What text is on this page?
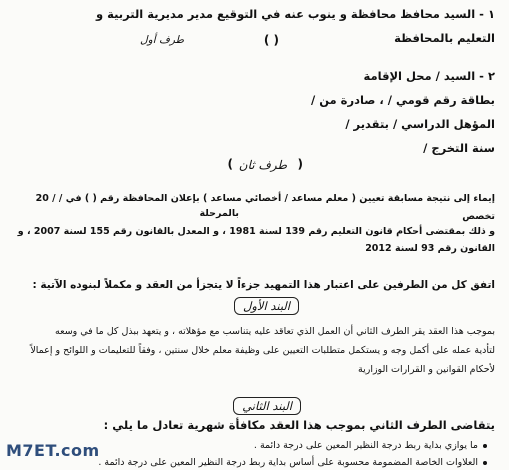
١ - السيد محافظ محافظة و ينوب عنه في التوقيع مدير مديرية التربية و
التعليم بالمحافظة
( )
طرف أول
٢ - السيد / محل الإقامة
بطاقة رقم قومي / ، صادرة من /
المؤهل الدراسي / بتقدير /
سنة التخرج /
(
طرف ثان
)
إيماء إلى نتيجة مسابقة تعيين ( معلم مساعد / أخصائي مساعد ) بإعلان المحافظة رقم ( ) في / / 20
تخصص
بالمرحلة
و ذلك بمقتضى أحكام قانون التعليم رقم 139 لسنة 1981 ، و المعدل بالقانون رقم 155 لسنة 2007 ، و
القانون رقم 93 لسنة 2012
اتفق كل من الطرفين على اعتبار هذا التمهيد جزءاً لا يتجزأ من العقد و مكملاً لبنوده الآتية :
البند الأول
بموجب هذا العقد يقر الطرف الثاني أن العمل الذي تعاقد عليه يتناسب مع مؤهلاته ، و يتعهد ببذل كل ما في وسعه
لتأدية عمله على أكمل وجه و يستكمل متطلبات التعيين على وظيفة معلم خلال سنتين ، وفقاً للتعليمات و اللوائح و إعمالاً
لأحكام القوانين و القرارات الوزارية
البند الثاني
يتقاضى الطرف الثاني بموجب هذا العقد مكافأة شهرية تعادل ما يلي :
ما يوازي بداية ربط درجة النظير المعين على درجة دائمة .
العلاوات الخاصة المضمومة محسوبة على أساس بداية ربط درجة النظير المعين على درجة دائمة .
M7ET.com
